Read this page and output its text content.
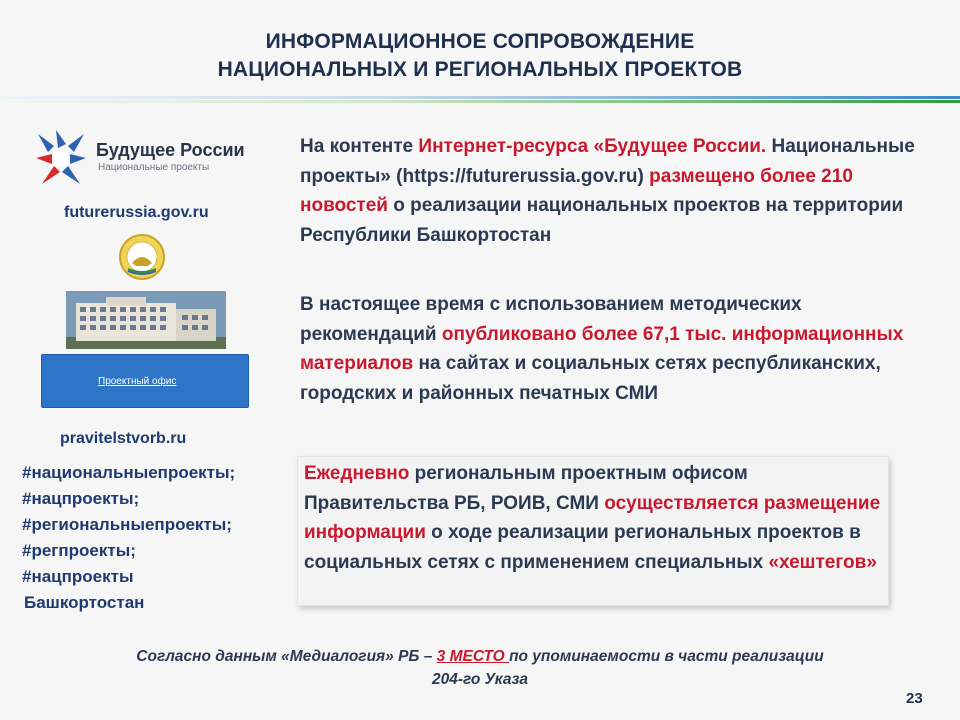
ИНФОРМАЦИОННОЕ СОПРОВОЖДЕНИЕ
НАЦИОНАЛЬНЫХ И РЕГИОНАЛЬНЫХ ПРОЕКТОВ
Будущее России
Национальные проекты
futurerussia.gov.ru
Проектный офис
pravitelstvorb.ru
#национальныепроекты;
#нацпроекты;
#региональныепроекты;
#регпроекты;
#нацпроекты
Башкортостан
На контенте Интернет-ресурса «Будущее России. Национальные проекты» (https://futurerussia.gov.ru) размещено более 210 новостей о реализации национальных проектов на территории Республики Башкортостан
В настоящее время с использованием методических рекомендаций опубликовано более 67,1 тыс. информационных материалов на сайтах и социальных сетях республиканских, городских и районных печатных СМИ
Ежедневно региональным проектным офисом Правительства РБ, РОИВ, СМИ осуществляется размещение информации о ходе реализации региональных проектов в социальных сетях с применением специальных «хештегов»
Согласно данным «Медиалогия» РБ – 3 МЕСТО по упоминаемости в части реализации
204-го Указа
23
